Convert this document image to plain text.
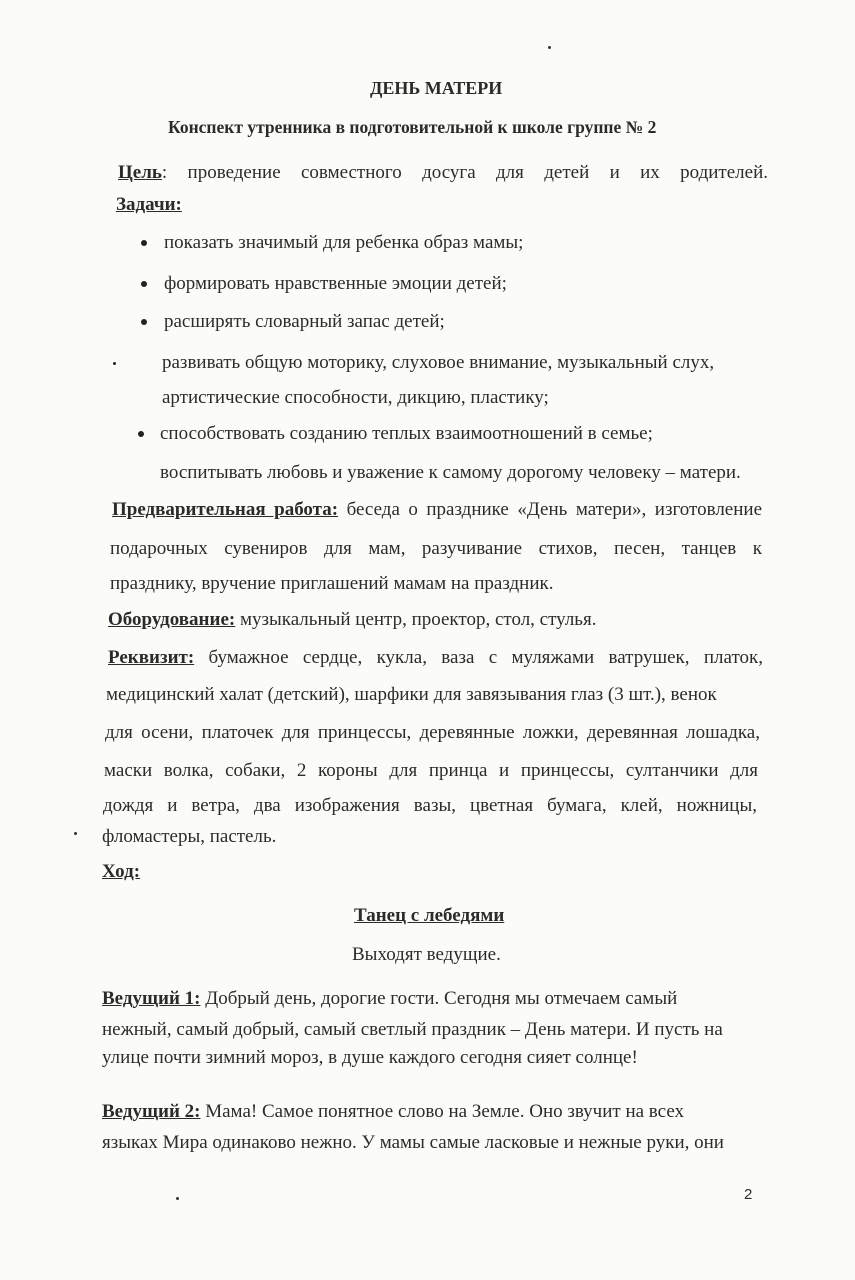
ДЕНЬ МАТЕРИ
Конспект утренника в подготовительной к школе группе № 2
Цель: проведение совместного досуга для детей и их родителей.
Задачи:
показать значимый для ребенка образ мамы;
формировать нравственные эмоции детей;
расширять словарный запас детей;
развивать общую моторику, слуховое внимание, музыкальный слух,
артистические способности, дикцию, пластику;
способствовать созданию теплых взаимоотношений в семье;
воспитывать любовь и уважение к самому дорогому человеку – матери.
Предварительная работа: беседа о празднике «День матери», изготовление
подарочных сувениров для мам, разучивание стихов, песен, танцев к
празднику, вручение приглашений мамам на праздник.
Оборудование: музыкальный центр, проектор, стол, стулья.
Реквизит: бумажное сердце, кукла, ваза с муляжами ватрушек, платок,
медицинский халат (детский), шарфики для завязывания глаз (3 шт.), венок
для осени, платочек для принцессы, деревянные ложки, деревянная лошадка,
маски волка, собаки, 2 короны для принца и принцессы, султанчики для
дождя и ветра, два изображения вазы, цветная бумага, клей, ножницы,
фломастеры, пастель.
Ход:
Танец с лебедями
Выходят ведущие.
Ведущий 1: Добрый день, дорогие гости. Сегодня мы отмечаем самый
нежный, самый добрый, самый светлый праздник – День матери. И пусть на
улице почти зимний мороз, в душе каждого сегодня сияет солнце!
Ведущий 2: Мама! Самое понятное слово на Земле. Оно звучит на всех
языках Мира одинаково нежно. У мамы самые ласковые и нежные руки, они
2
